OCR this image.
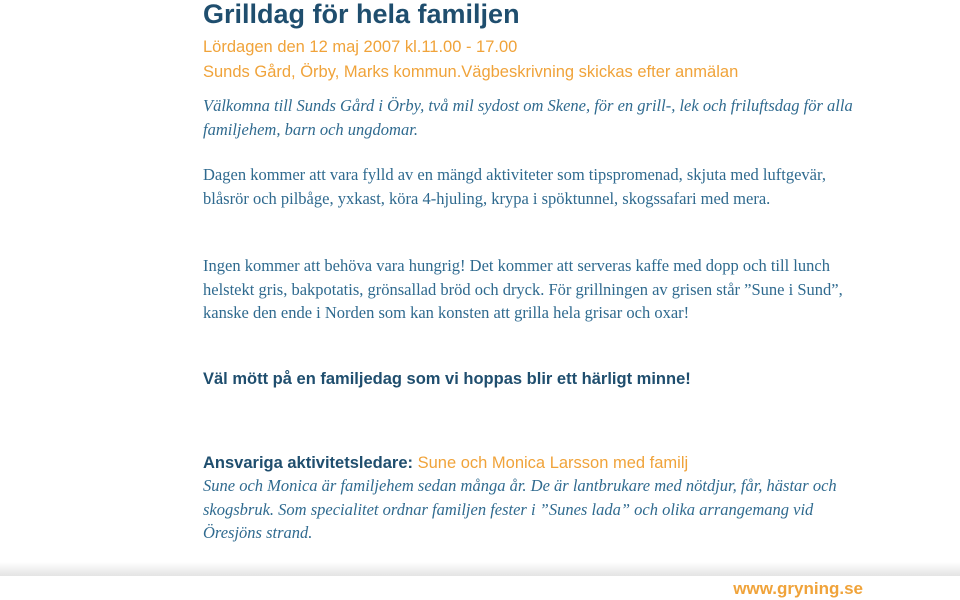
Grilldag för hela familjen
Lördagen den 12 maj 2007 kl.11.00 - 17.00
Sunds Gård, Örby, Marks kommun.Vägbeskrivning skickas efter anmälan

Välkomna till Sunds Gård i Örby, två mil sydost om Skene, för en grill-, lek och friluftsdag för alla familjehem, barn och ungdomar.

Dagen kommer att vara fylld av en mängd aktiviteter som tipspromenad, skjuta med luftgevär, blåsrör och pilbåge, yxkast, köra 4-hjuling, krypa i spöktunnel, skogssafari med mera.

Ingen kommer att behöva vara hungrig! Det kommer att serveras kaffe med dopp och till lunch helstekt gris, bakpotatis, grönsallad bröd och dryck. För grillningen av grisen står ”Sune i Sund”, kanske den ende i Norden som kan konsten att grilla hela grisar och oxar!

Väl mött på en familjedag som vi hoppas blir ett härligt minne!

Ansvariga aktivitetsledare: Sune och Monica Larsson med familj

Sune och Monica är familjehem sedan många år. De är lantbrukare med nötdjur, får, hästar och skogsbruk. Som specialitet ordnar familjen fester i ”Sunes lada” och olika arrangemang vid Öresjöns strand.

www.gryning.se
